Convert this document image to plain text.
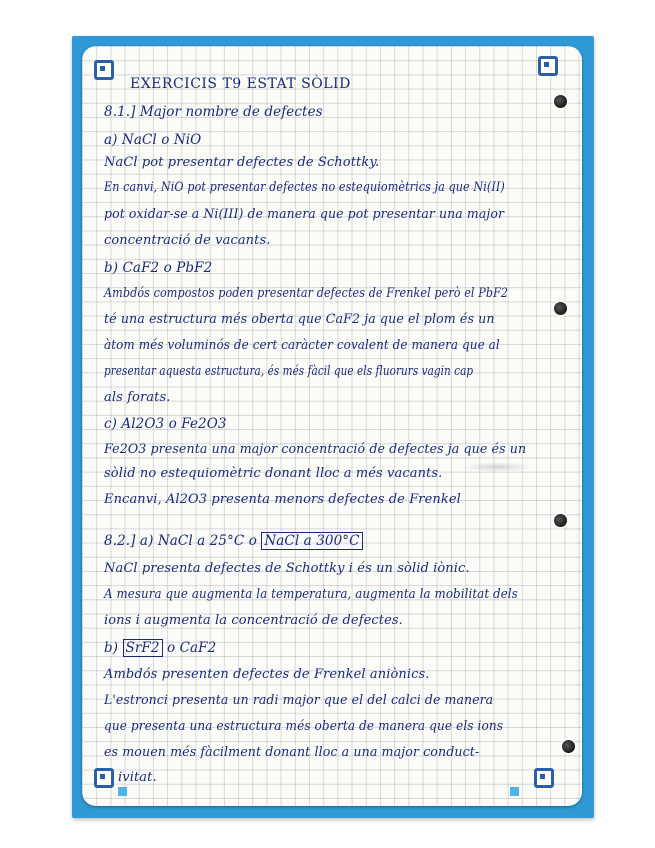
EXERCICIS T9 ESTAT SÒLID
8.1.] Major nombre de defectes
a) NaCl o NiO
NaCl pot presentar defectes de Schottky.
En canvi, NiO pot presentar defectes no estequiomètrics ja que Ni(II)
pot oxidar-se a Ni(III) de manera que pot presentar una major
concentració de vacants.
b) CaF2 o PbF2
Ambdós compostos poden presentar defectes de Frenkel però el PbF2
té una estructura més oberta que CaF2 ja que el plom és un
àtom més voluminós de cert caràcter covalent de manera que al
presentar aquesta estructura, és més fàcil que els fluorurs vagin cap
als forats.
c) Al2O3 o Fe2O3
Fe2O3 presenta una major concentració de defectes ja que és un
sòlid no estequiomètric donant lloc a més vacants.
Encanvi, Al2O3 presenta menors defectes de Frenkel
8.2.] a) NaCl a 25°C o NaCl a 300°C
NaCl presenta defectes de Schottky i és un sòlid iònic.
A mesura que augmenta la temperatura, augmenta la mobilitat dels
ions i augmenta la concentració de defectes.
b) SrF2 o CaF2
Ambdós presenten defectes de Frenkel aniònics.
L'estronci presenta un radi major que el del calci de manera
que presenta una estructura més oberta de manera que els ions
es mouen més fàcilment donant lloc a una major conduct-
ivitat.
